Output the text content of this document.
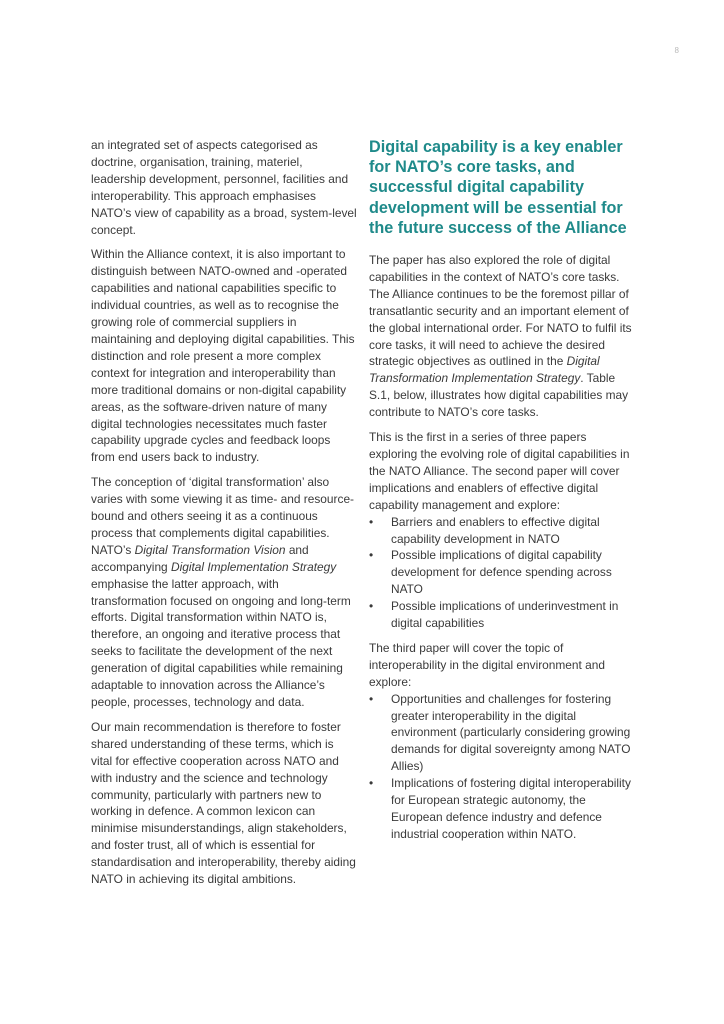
8

an integrated set of aspects categorised as doctrine, organisation, training, materiel, leadership development, personnel, facilities and interoperability. This approach emphasises NATO’s view of capability as a broad, system-level concept.

Within the Alliance context, it is also important to distinguish between NATO-owned and -operated capabilities and national capabilities specific to individual countries, as well as to recognise the growing role of commercial suppliers in maintaining and deploying digital capabilities. This distinction and role present a more complex context for integration and interoperability than more traditional domains or non-digital capability areas, as the software-driven nature of many digital technologies necessitates much faster capability upgrade cycles and feedback loops from end users back to industry.

The conception of ‘digital transformation’ also varies with some viewing it as time- and resource-bound and others seeing it as a continuous process that complements digital capabilities. NATO’s Digital Transformation Vision and accompanying Digital Implementation Strategy emphasise the latter approach, with transformation focused on ongoing and long-term efforts. Digital transformation within NATO is, therefore, an ongoing and iterative process that seeks to facilitate the development of the next generation of digital capabilities while remaining adaptable to innovation across the Alliance’s people, processes, technology and data.

Our main recommendation is therefore to foster shared understanding of these terms, which is vital for effective cooperation across NATO and with industry and the science and technology community, particularly with partners new to working in defence. A common lexicon can minimise misunderstandings, align stakeholders, and foster trust, all of which is essential for standardisation and interoperability, thereby aiding NATO in achieving its digital ambitions.

Digital capability is a key enabler for NATO’s core tasks, and successful digital capability development will be essential for the future success of the Alliance

The paper has also explored the role of digital capabilities in the context of NATO’s core tasks. The Alliance continues to be the foremost pillar of transatlantic security and an important element of the global international order. For NATO to fulfil its core tasks, it will need to achieve the desired strategic objectives as outlined in the Digital Transformation Implementation Strategy. Table S.1, below, illustrates how digital capabilities may contribute to NATO’s core tasks.

This is the first in a series of three papers exploring the evolving role of digital capabilities in the NATO Alliance. The second paper will cover implications and enablers of effective digital capability management and explore:

• Barriers and enablers to effective digital capability development in NATO
• Possible implications of digital capability development for defence spending across NATO
• Possible implications of underinvestment in digital capabilities

The third paper will cover the topic of interoperability in the digital environment and explore:

• Opportunities and challenges for fostering greater interoperability in the digital environment (particularly considering growing demands for digital sovereignty among NATO Allies)
• Implications of fostering digital interoperability for European strategic autonomy, the European defence industry and defence industrial cooperation within NATO.
